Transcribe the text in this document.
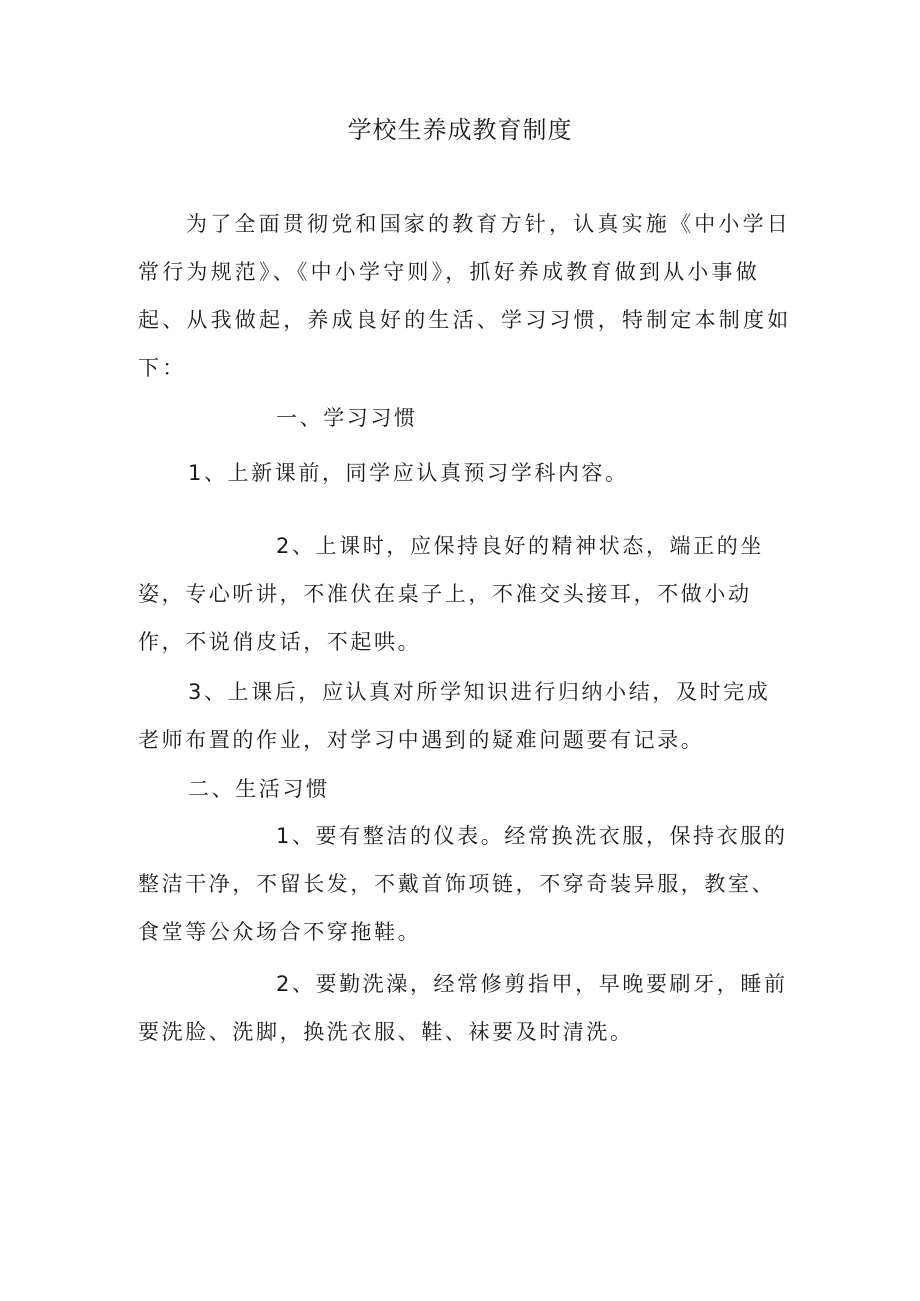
学校生养成教育制度

为了全面贯彻党和国家的教育方针，认真实施《中小学日常行为规范》、《中小学守则》，抓好养成教育做到从小事做起、从我做起，养成良好的生活、学习习惯，特制定本制度如下：

一、学习习惯

1、上新课前，同学应认真预习学科内容。

2、上课时，应保持良好的精神状态，端正的坐姿，专心听讲，不准伏在桌子上，不准交头接耳，不做小动作，不说俏皮话，不起哄。

3、上课后，应认真对所学知识进行归纳小结，及时完成老师布置的作业，对学习中遇到的疑难问题要有记录。

二、生活习惯

1、要有整洁的仪表。经常换洗衣服，保持衣服的整洁干净，不留长发，不戴首饰项链，不穿奇装异服，教室、食堂等公众场合不穿拖鞋。

2、要勤洗澡，经常修剪指甲，早晚要刷牙，睡前要洗脸、洗脚，换洗衣服、鞋、袜要及时清洗。
